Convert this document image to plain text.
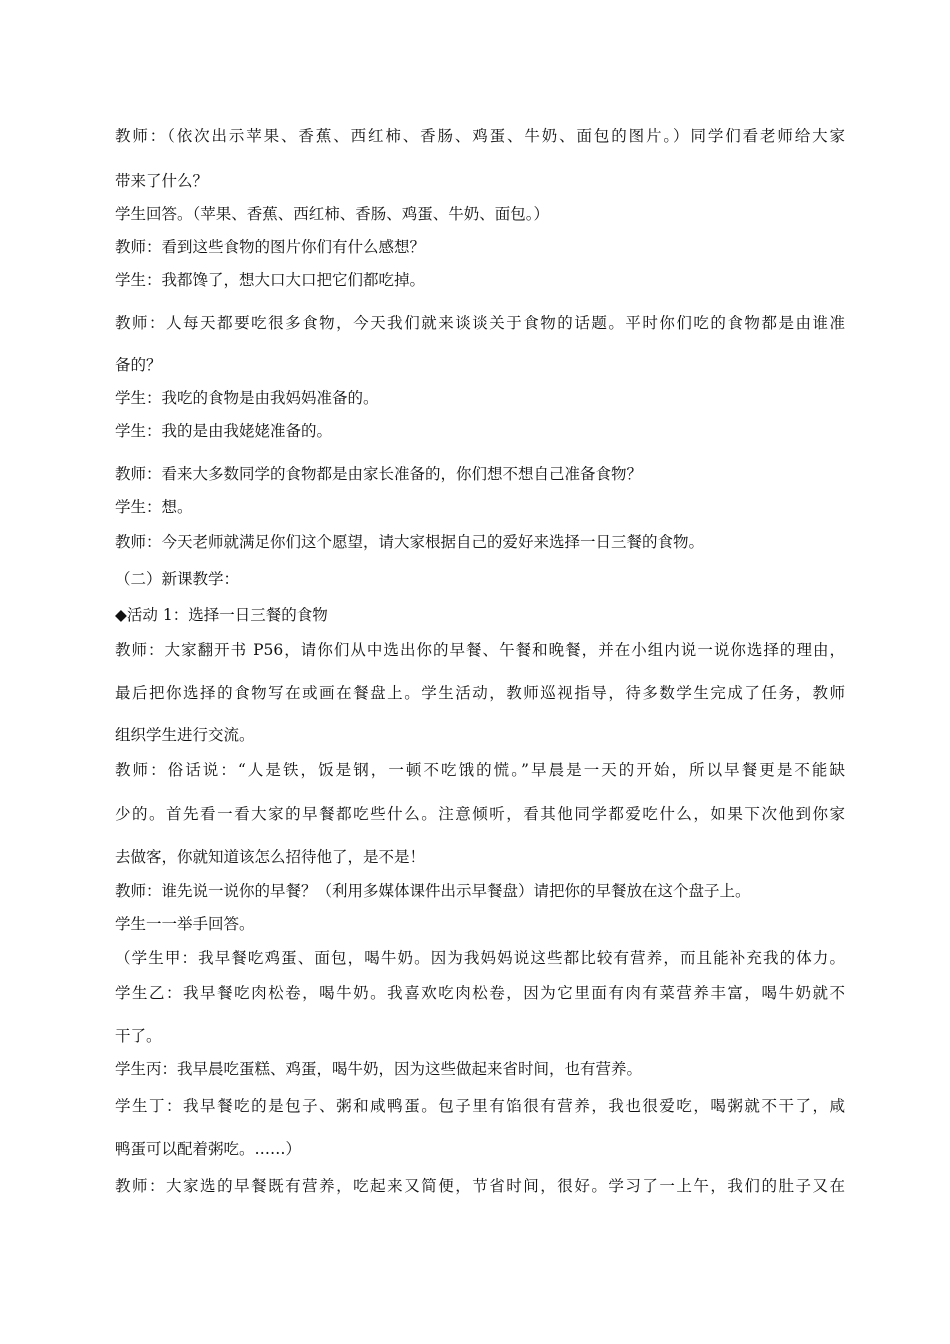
教师：（依次出示苹果、香蕉、西红柿、香肠、鸡蛋、牛奶、面包的图片。）同学们看老师给大家
带来了什么？
学生回答。（苹果、香蕉、西红柿、香肠、鸡蛋、牛奶、面包。）
教师：看到这些食物的图片你们有什么感想？
学生：我都馋了，想大口大口把它们都吃掉。
教师：人每天都要吃很多食物，今天我们就来谈谈关于食物的话题。平时你们吃的食物都是由谁准
备的？
学生：我吃的食物是由我妈妈准备的。
学生：我的是由我姥姥准备的。
教师：看来大多数同学的食物都是由家长准备的，你们想不想自己准备食物？
学生：想。
教师：今天老师就满足你们这个愿望，请大家根据自己的爱好来选择一日三餐的食物。
（二）新课教学：
◆活动 1：选择一日三餐的食物
教师：大家翻开书 P56，请你们从中选出你的早餐、午餐和晚餐，并在小组内说一说你选择的理由，
最后把你选择的食物写在或画在餐盘上。学生活动，教师巡视指导，待多数学生完成了任务，教师
组织学生进行交流。
教师：俗话说：“人是铁，饭是钢，一顿不吃饿的慌。”早晨是一天的开始，所以早餐更是不能缺
少的。首先看一看大家的早餐都吃些什么。注意倾听，看其他同学都爱吃什么，如果下次他到你家
去做客，你就知道该怎么招待他了，是不是！
教师：谁先说一说你的早餐？（利用多媒体课件出示早餐盘）请把你的早餐放在这个盘子上。
学生一一举手回答。
（学生甲：我早餐吃鸡蛋、面包，喝牛奶。因为我妈妈说这些都比较有营养，而且能补充我的体力。
学生乙：我早餐吃肉松卷，喝牛奶。我喜欢吃肉松卷，因为它里面有肉有菜营养丰富，喝牛奶就不
干了。
学生丙：我早晨吃蛋糕、鸡蛋，喝牛奶，因为这些做起来省时间，也有营养。
学生丁：我早餐吃的是包子、粥和咸鸭蛋。包子里有馅很有营养，我也很爱吃，喝粥就不干了，咸
鸭蛋可以配着粥吃。……）
教师：大家选的早餐既有营养，吃起来又简便，节省时间，很好。学习了一上午，我们的肚子又在
